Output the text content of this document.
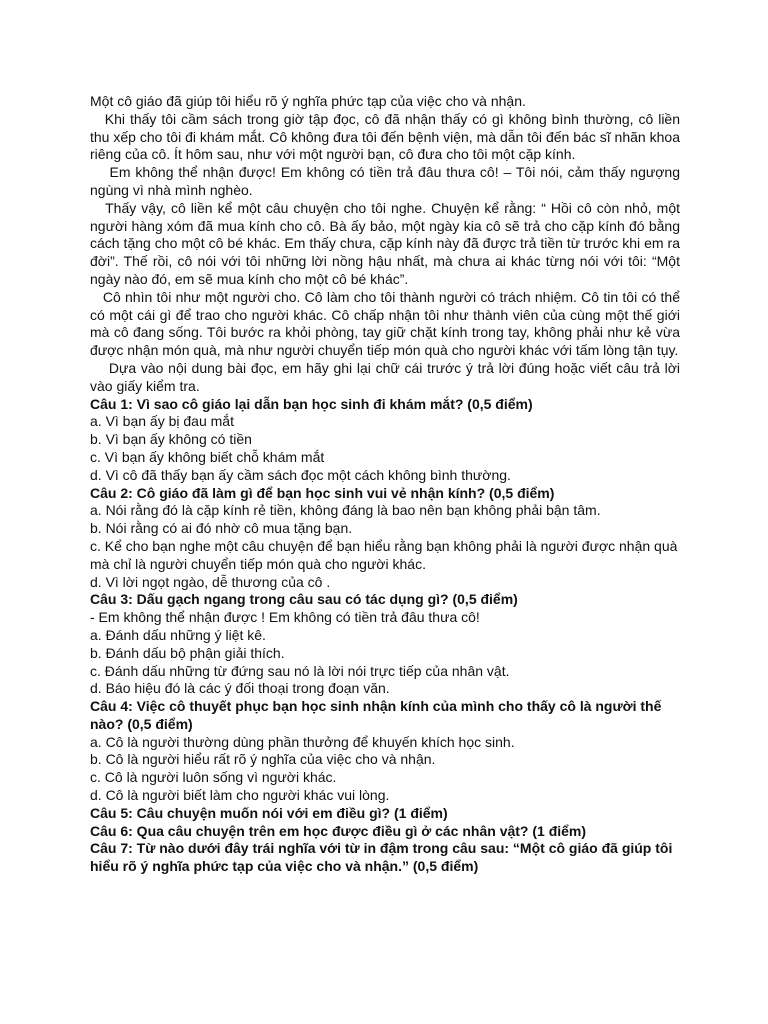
Một cô giáo đã giúp tôi hiểu rõ ý nghĩa phức tạp của việc cho và nhận.

Khi thấy tôi cầm sách trong giờ tập đọc, cô đã nhận thấy có gì không bình thường, cô liền thu xếp cho tôi đi khám mắt. Cô không đưa tôi đến bệnh viện, mà dẫn tôi đến bác sĩ nhãn khoa riêng của cô. Ít hôm sau, như với một người bạn, cô đưa cho tôi một cặp kính.

Em không thể nhận được! Em không có tiền trả đâu thưa cô! – Tôi nói, cảm thấy ngượng ngùng vì nhà mình nghèo.

Thấy vậy, cô liền kể một câu chuyện cho tôi nghe. Chuyện kể rằng: “ Hồi cô còn nhỏ, một người hàng xóm đã mua kính cho cô. Bà ấy bảo, một ngày kia cô sẽ trả cho cặp kính đó bằng cách tặng cho một cô bé khác. Em thấy chưa, cặp kính này đã được trả tiền từ trước khi em ra đời”. Thế rồi, cô nói với tôi những lời nồng hậu nhất, mà chưa ai khác từng nói với tôi: “Một ngày nào đó, em sẽ mua kính cho một cô bé khác”.

Cô nhìn tôi như một người cho. Cô làm cho tôi thành người có trách nhiệm. Cô tin tôi có thể có một cái gì để trao cho người khác. Cô chấp nhận tôi như thành viên của cùng một thế giới mà cô đang sống. Tôi bước ra khỏi phòng, tay giữ chặt kính trong tay, không phải như kẻ vừa được nhận món quà, mà như người chuyển tiếp món quà cho người khác với tấm lòng tận tụy.

Dựa vào nội dung bài đọc, em hãy ghi lại chữ cái trước ý trả lời đúng hoặc viết câu trả lời vào giấy kiểm tra.

Câu 1: Vì sao cô giáo lại dẫn bạn học sinh đi khám mắt? (0,5 điểm)

a. Vì bạn ấy bị đau mắt

b. Vì bạn ấy không có tiền

c. Vì bạn ấy không biết chỗ khám mắt

d. Vì cô đã thấy bạn ấy cầm sách đọc một cách không bình thường.

Câu 2: Cô giáo đã làm gì để bạn học sinh vui vẻ nhận kính? (0,5 điểm)

a. Nói rằng đó là cặp kính rẻ tiền, không đáng là bao nên bạn không phải bận tâm.

b. Nói rằng có ai đó nhờ cô mua tặng bạn.

c. Kể cho bạn nghe một câu chuyện để bạn hiểu rằng bạn không phải là người được nhận quà mà chỉ là người chuyển tiếp món quà cho người khác.

d. Vì lời ngọt ngào, dễ thương của cô .

Câu 3: Dấu gạch ngang trong câu sau có tác dụng gì? (0,5 điểm)

- Em không thể nhận được ! Em không có tiền trả đâu thưa cô!

a. Đánh dấu những ý liệt kê.

b. Đánh dấu bộ phận giải thích.

c. Đánh dấu những từ đứng sau nó là lời nói trực tiếp của nhân vật.

d. Báo hiệu đó là các ý đối thoại trong đoạn văn.

Câu 4: Việc cô thuyết phục bạn học sinh nhận kính của mình cho thấy cô là người thế nào? (0,5 điểm)

a. Cô là người thường dùng phần thưởng để khuyến khích học sinh.

b. Cô là người hiểu rất rõ ý nghĩa của việc cho và nhận.

c. Cô là người luôn sống vì người khác.

d. Cô là người biết làm cho người khác vui lòng.

Câu 5: Câu chuyện muốn nói với em điều gì? (1 điểm)

Câu 6: Qua câu chuyện trên em học được điều gì ở các nhân vật? (1 điểm)

Câu 7: Từ nào dưới đây trái nghĩa với từ in đậm trong câu sau: “Một cô giáo đã giúp tôi hiểu rõ ý nghĩa phức tạp của việc cho và nhận.” (0,5 điểm)
